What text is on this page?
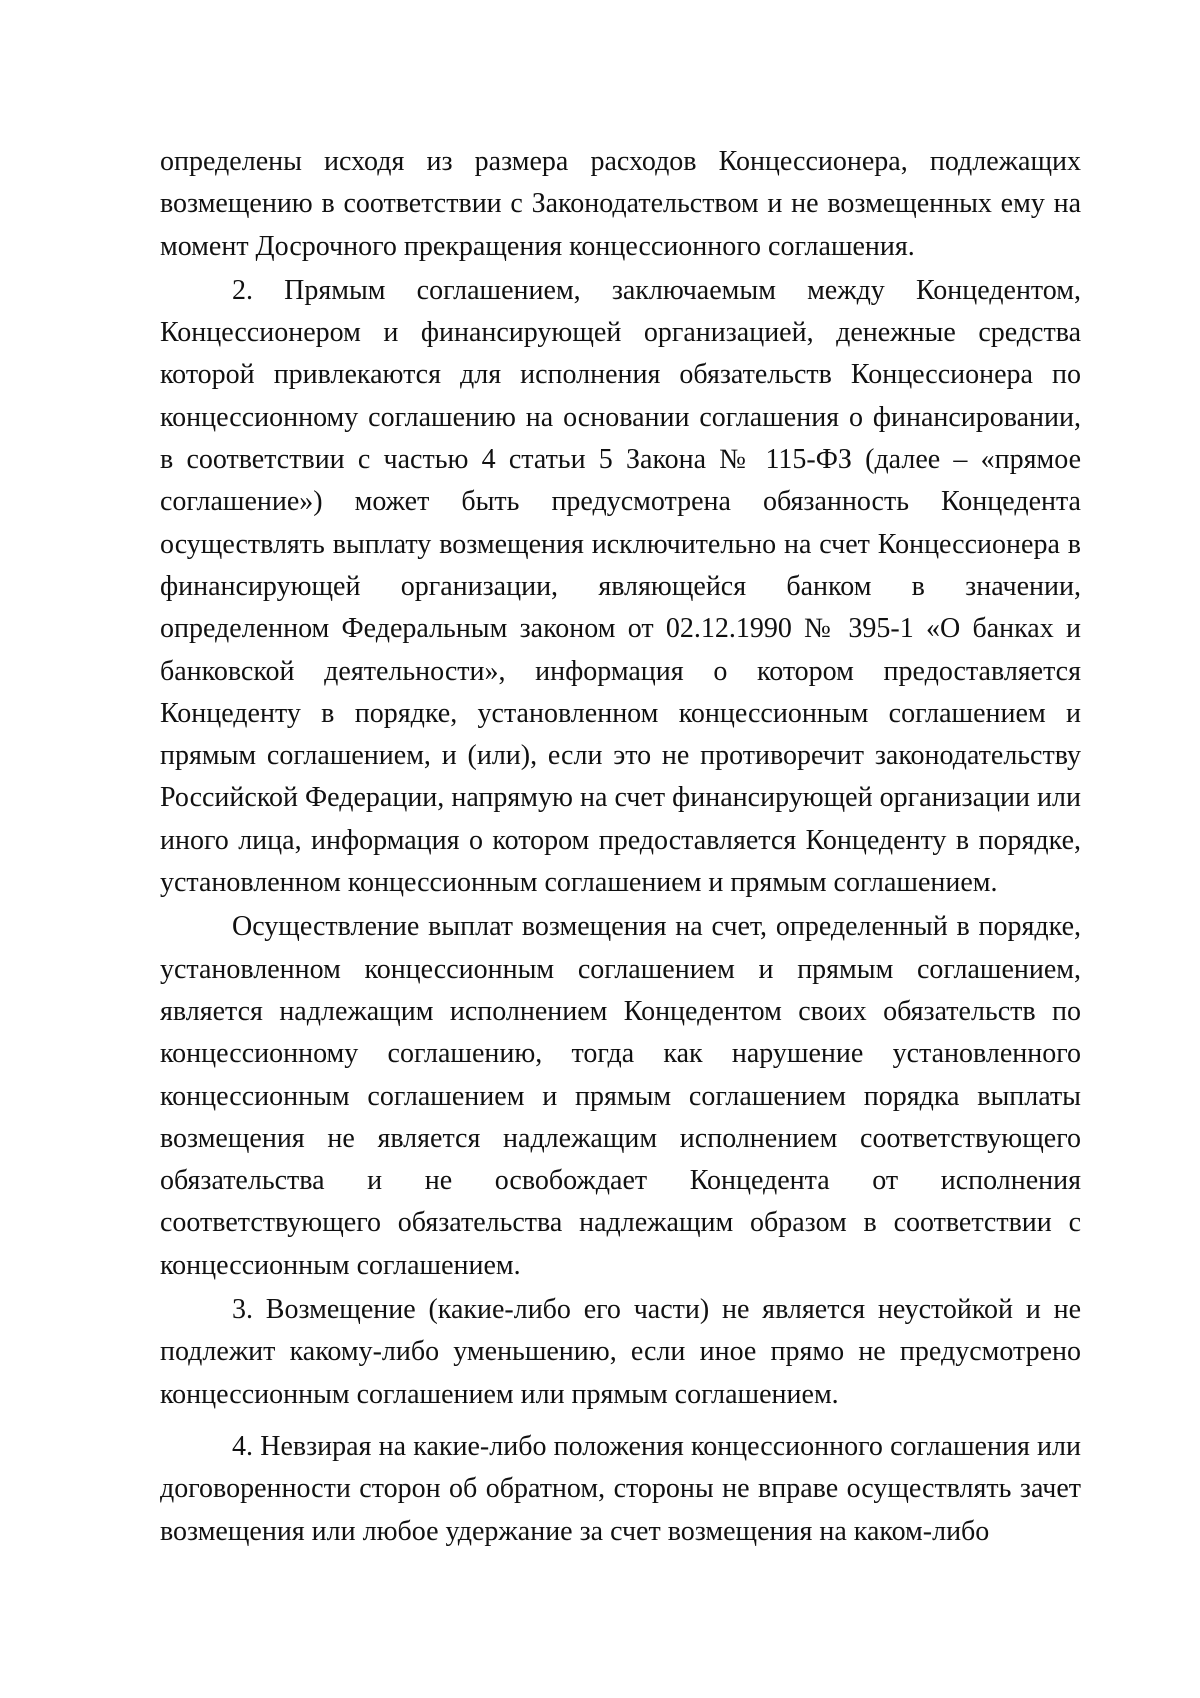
определены исходя из размера расходов Концессионера, подлежащих возмещению в соответствии с Законодательством и не возмещенных ему на момент Досрочного прекращения концессионного соглашения.

2. Прямым соглашением, заключаемым между Концедентом, Концессионером и финансирующей организацией, денежные средства которой привлекаются для исполнения обязательств Концессионера по концессионному соглашению на основании соглашения о финансировании, в соответствии с частью 4 статьи 5 Закона № 115-ФЗ (далее – «прямое соглашение») может быть предусмотрена обязанность Концедента осуществлять выплату возмещения исключительно на счет Концессионера в финансирующей организации, являющейся банком в значении, определенном Федеральным законом от 02.12.1990 № 395-1 «О банках и банковской деятельности», информация о котором предоставляется Концеденту в порядке, установленном концессионным соглашением и прямым соглашением, и (или), если это не противоречит законодательству Российской Федерации, напрямую на счет финансирующей организации или иного лица, информация о котором предоставляется Концеденту в порядке, установленном концессионным соглашением и прямым соглашением.

Осуществление выплат возмещения на счет, определенный в порядке, установленном концессионным соглашением и прямым соглашением, является надлежащим исполнением Концедентом своих обязательств по концессионному соглашению, тогда как нарушение установленного концессионным соглашением и прямым соглашением порядка выплаты возмещения не является надлежащим исполнением соответствующего обязательства и не освобождает Концедента от исполнения соответствующего обязательства надлежащим образом в соответствии с концессионным соглашением.

3. Возмещение (какие-либо его части) не является неустойкой и не подлежит какому-либо уменьшению, если иное прямо не предусмотрено концессионным соглашением или прямым соглашением.

4. Невзирая на какие-либо положения концессионного соглашения или договоренности сторон об обратном, стороны не вправе осуществлять зачет возмещения или любое удержание за счет возмещения на каком-либо
